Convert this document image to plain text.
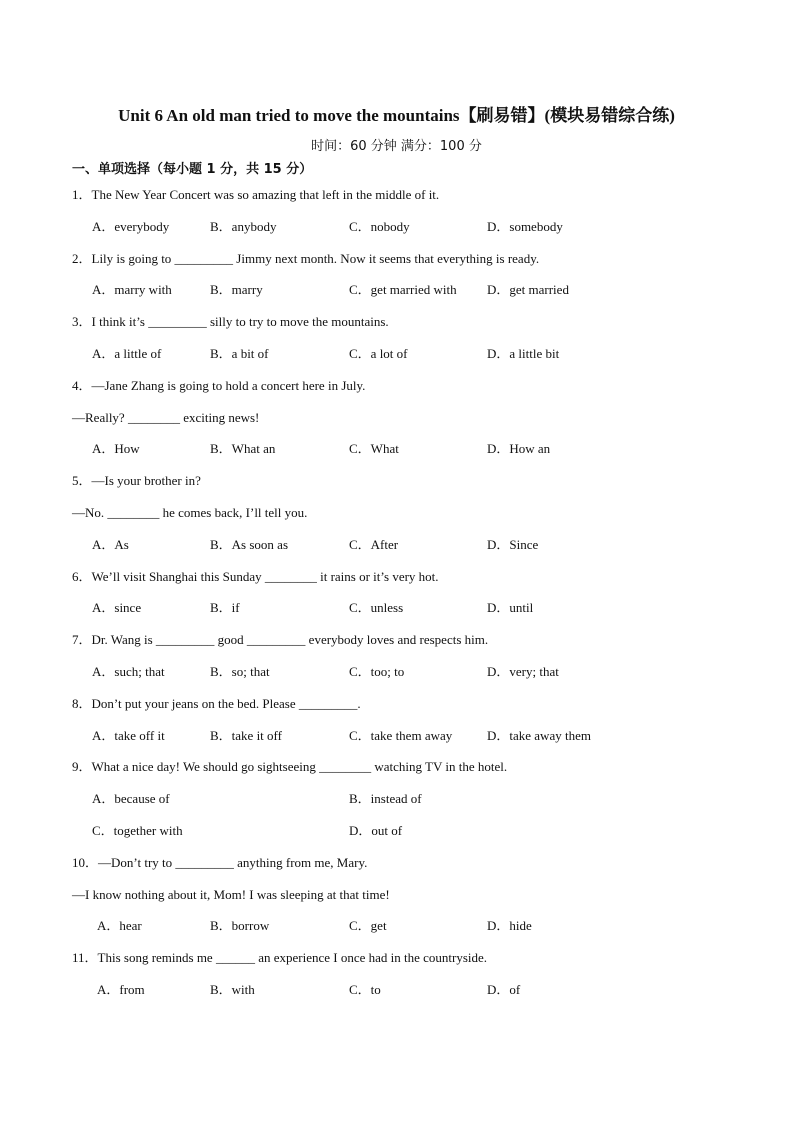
Unit 6 An old man tried to move the mountains【刷易错】(模块易错综合练)
时间：60 分钟 满分：100 分
一、单项选择（每小题 1 分，共 15 分）
1．The New Year Concert was so amazing that left in the middle of it.
A．everybody	B．anybody	C．nobody	D．somebody
2．Lily is going to _________ Jimmy next month. Now it seems that everything is ready.
A．marry with	B．marry	C．get married with D．get married
3．I think it’s _________ silly to try to move the mountains.
A．a little of	B．a bit of	C．a lot of	D．a little bit
4．—Jane Zhang is going to hold a concert here in July.
—Really? ________ exciting news!
A．How	B．What an	C．What	D．How an
5．—Is your brother in?
—No. ________ he comes back, I’ll tell you.
A．As	B．As soon as	C．After	D．Since
6．We’ll visit Shanghai this Sunday ________ it rains or it’s very hot.
A．since	B．if	C．unless	D．until
7．Dr. Wang is _________ good _________ everybody loves and respects him.
A．such; that	B．so; that	C．too; to	D．very; that
8．Don’t put your jeans on the bed. Please _________.
A．take off it	B．take it off	C．take them away	D．take away them
9．What a nice day! We should go sightseeing ________ watching TV in the hotel.
A．because of	B．instead of
C．together with	D．out of
10．—Don’t try to _________ anything from me, Mary.
—I know nothing about it, Mom! I was sleeping at that time!
A．hear	B．borrow	C．get	D．hide
11．This song reminds me ______ an experience I once had in the countryside.
A．from	B．with	C．to	D．of
